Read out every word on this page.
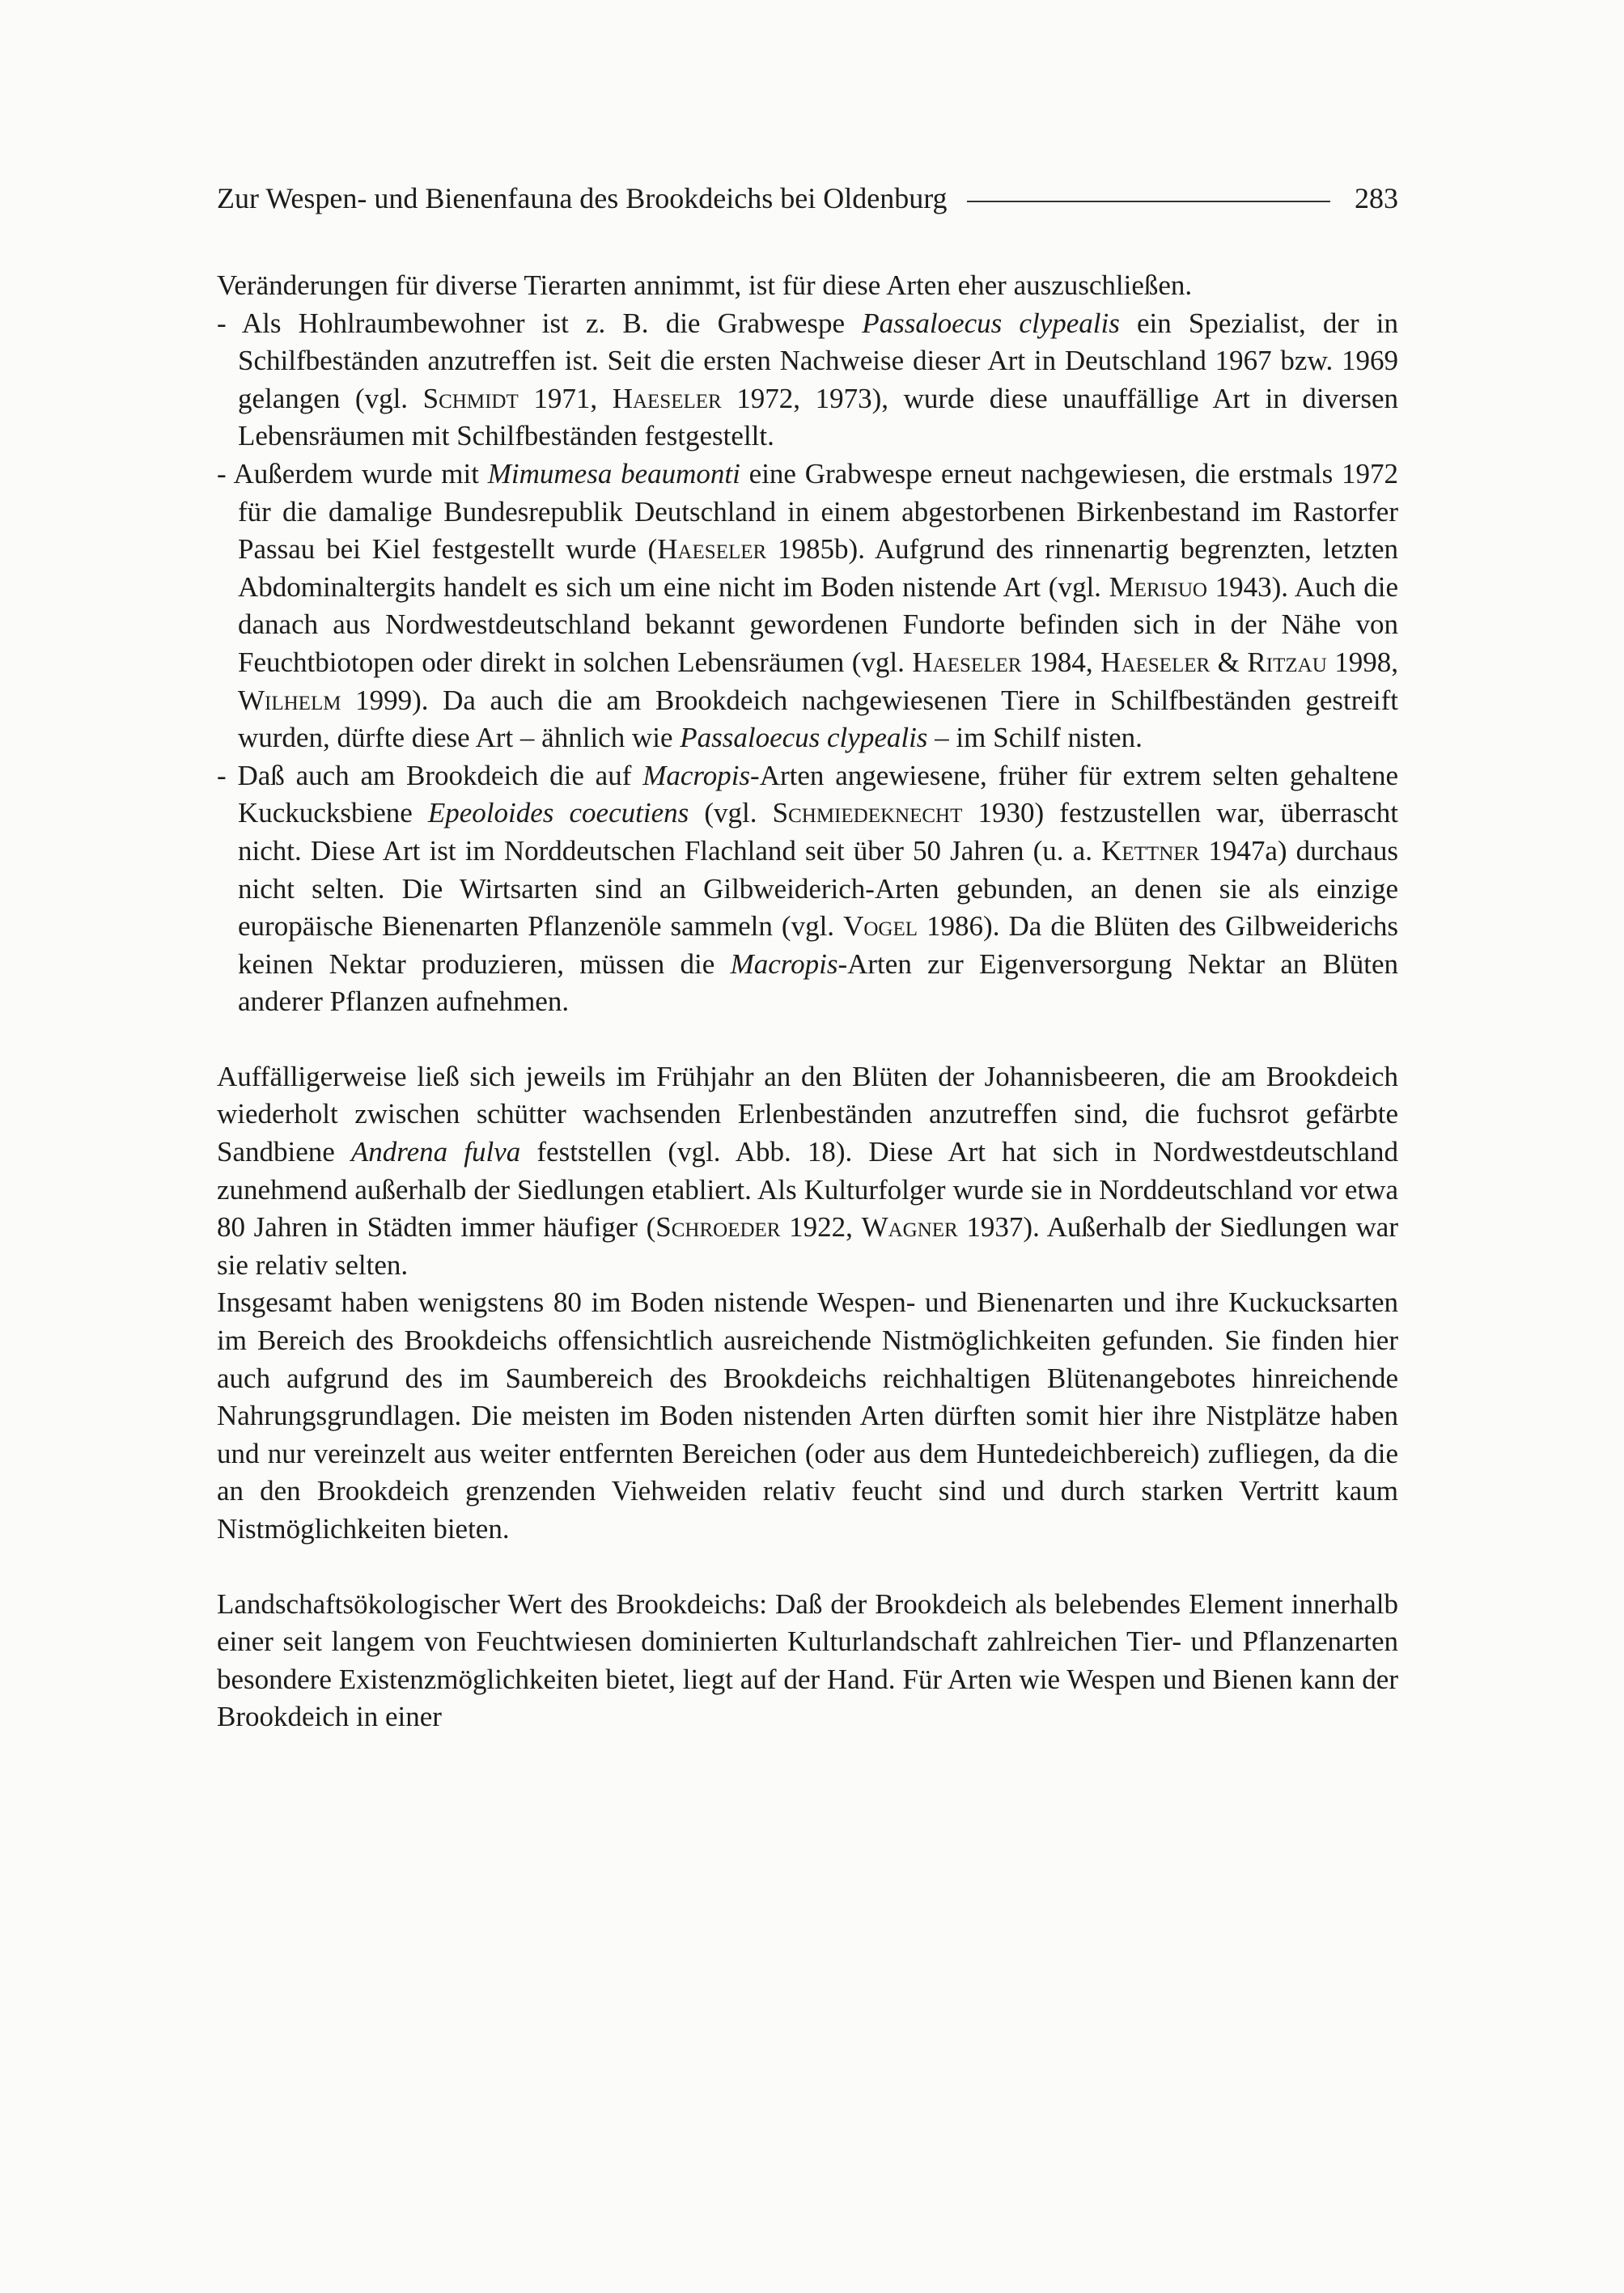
Zur Wespen- und Bienenfauna des Brookdeichs bei Oldenburg	283

Veränderungen für diverse Tierarten annimmt, ist für diese Arten eher auszuschließen.

- Als Hohlraumbewohner ist z. B. die Grabwespe Passaloecus clypealis ein Spezialist, der in Schilfbeständen anzutreffen ist. Seit die ersten Nachweise dieser Art in Deutschland 1967 bzw. 1969 gelangen (vgl. Schmidt 1971, Haeseler 1972, 1973), wurde diese unauffällige Art in diversen Lebensräumen mit Schilfbeständen festgestellt.
- Außerdem wurde mit Mimumesa beaumonti eine Grabwespe erneut nachgewiesen, die erstmals 1972 für die damalige Bundesrepublik Deutschland in einem abgestorbenen Birkenbestand im Rastorfer Passau bei Kiel festgestellt wurde (Haeseler 1985b). Aufgrund des rinnenartig begrenzten, letzten Abdominaltergits handelt es sich um eine nicht im Boden nistende Art (vgl. Merisuo 1943). Auch die danach aus Nordwestdeutschland bekannt gewordenen Fundorte befinden sich in der Nähe von Feuchtbiotopen oder direkt in solchen Lebensräumen (vgl. Haeseler 1984, Haeseler & Ritzau 1998, Wilhelm 1999). Da auch die am Brookdeich nachgewiesenen Tiere in Schilfbeständen gestreift wurden, dürfte diese Art – ähnlich wie Passaloecus clypealis – im Schilf nisten.
- Daß auch am Brookdeich die auf Macropis-Arten angewiesene, früher für extrem selten gehaltene Kuckucksbiene Epeoloides coecutiens (vgl. Schmiedeknecht 1930) festzustellen war, überrascht nicht. Diese Art ist im Norddeutschen Flachland seit über 50 Jahren (u. a. Kettner 1947a) durchaus nicht selten. Die Wirtsarten sind an Gilbweiderich-Arten gebunden, an denen sie als einzige europäische Bienenarten Pflanzenöle sammeln (vgl. Vogel 1986). Da die Blüten des Gilbweiderichs keinen Nektar produzieren, müssen die Macropis-Arten zur Eigenversorgung Nektar an Blüten anderer Pflanzen aufnehmen.

Auffälligerweise ließ sich jeweils im Frühjahr an den Blüten der Johannisbeeren, die am Brookdeich wiederholt zwischen schütter wachsenden Erlenbeständen anzutreffen sind, die fuchsrot gefärbte Sandbiene Andrena fulva feststellen (vgl. Abb. 18). Diese Art hat sich in Nordwestdeutschland zunehmend außerhalb der Siedlungen etabliert. Als Kulturfolger wurde sie in Norddeutschland vor etwa 80 Jahren in Städten immer häufiger (Schroeder 1922, Wagner 1937). Außerhalb der Siedlungen war sie relativ selten.

Insgesamt haben wenigstens 80 im Boden nistende Wespen- und Bienenarten und ihre Kuckucksarten im Bereich des Brookdeichs offensichtlich ausreichende Nistmöglichkeiten gefunden. Sie finden hier auch aufgrund des im Saumbereich des Brookdeichs reichhaltigen Blütenangebotes hinreichende Nahrungsgrundlagen. Die meisten im Boden nistenden Arten dürften somit hier ihre Nistplätze haben und nur vereinzelt aus weiter entfernten Bereichen (oder aus dem Huntedeichbereich) zufliegen, da die an den Brookdeich grenzenden Viehweiden relativ feucht sind und durch starken Vertritt kaum Nistmöglichkeiten bieten.

Landschaftsökologischer Wert des Brookdeichs: Daß der Brookdeich als belebendes Element innerhalb einer seit langem von Feuchtwiesen dominierten Kulturlandschaft zahlreichen Tier- und Pflanzenarten besondere Existenzmöglichkeiten bietet, liegt auf der Hand. Für Arten wie Wespen und Bienen kann der Brookdeich in einer
